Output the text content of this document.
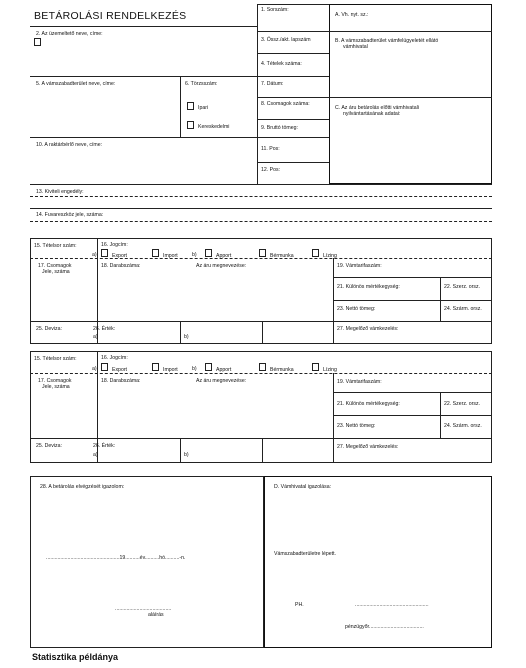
BETÁROLÁSI RENDELKEZÉS	1. Sorszám:
2. Az üzemeltető neve, címe:
3. Össz./akt. lapszám
4. Tételek száma:
5. A vámszabadterület neve, címe:	6. Törzsszám:
Ipari
Kereskedelmi
7. Dátum:
8. Csomagok száma:
9. Bruttó tömeg:
10. A raktárbérlő neve, címe:
11. Pos:
12. Pos:
13. Kiviteli engedély:
14. Fuvareszköz jele, száma:
A. Vh. nyt. sz.:
B. A vámszabadterület vámfelügyeletét ellátó
vámhivatal
C. Az áru betárolás előtti vámhivatali
nyilvántartásának adatai:
15. Tételsor szám:	16. Jogcím:
a)	Export	Import	b)	Apport	Bérmunka	Lízing
17. Csomagok
Jele, száma
18. Darabszáma:	Az áru megnevezése:	19. Vámtarifaszám:
21. Különös mértékegység:	22. Szerz. orsz.
23. Nettó tömeg:	24. Szárm. orsz.
25. Deviza:	26. Érték:
a)	b)
27. Megelőző vámkezelés:
15. Tételsor szám:	16. Jogcím:
a)	Export	Import	b)	Apport	Bérmunka	Lízing
17. Csomagok
Jele, száma
18. Darabszáma:	Az áru megnevezése:	19. Vámtarifaszám:
21. Különös mértékegység:	22. Szerz. orsz.
23. Nettó tömeg:	24. Szárm. orsz.
25. Deviza:	26. Érték:
a)	b)
27. Megelőző vámkezelés:
28. A betárolás elvégzését igazolom:
...................................................19..........év..........hó..........-n.
.......................................
aláírás
D. Vámhivatal igazolása:
Vámszabadterületre lépett.
PH.	...................................................
pénzügyőr ......................................
Statisztika példánya
